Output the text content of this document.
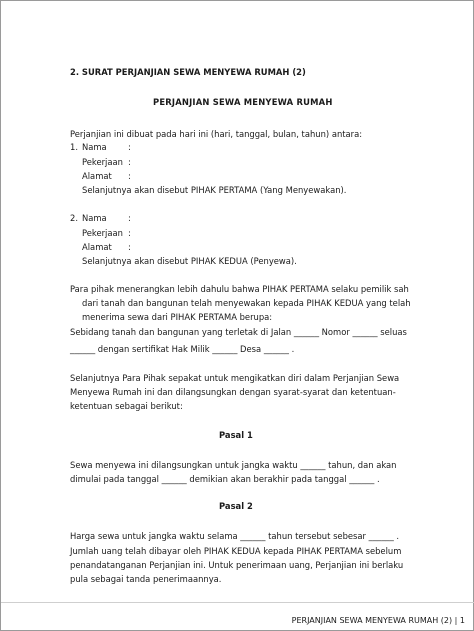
2. SURAT PERJANJIAN SEWA MENYEWA RUMAH (2)
PERJANJIAN SEWA MENYEWA RUMAH
Perjanjian ini dibuat pada hari ini (hari, tanggal, bulan, tahun) antara:
1. Nama	:
Pekerjaan :
Alamat :
Selanjutnya akan disebut PIHAK PERTAMA (Yang Menyewakan).
2. Nama	:
Pekerjaan :
Alamat :
Selanjutnya akan disebut PIHAK KEDUA (Penyewa).
Para pihak menerangkan lebih dahulu bahwa PIHAK PERTAMA selaku pemilik sah
dari tanah dan bangunan telah menyewakan kepada PIHAK KEDUA yang telah
menerima sewa dari PIHAK PERTAMA berupa:
Sebidang tanah dan bangunan yang terletak di Jalan ______ Nomor ______ seluas
______ dengan sertifikat Hak Milik ______ Desa ______ .
Selanjutnya Para Pihak sepakat untuk mengikatkan diri dalam Perjanjian Sewa
Menyewa Rumah ini dan dilangsungkan dengan syarat-syarat dan ketentuan-
ketentuan sebagai berikut:
Pasal 1
Sewa menyewa ini dilangsungkan untuk jangka waktu ______ tahun, dan akan
dimulai pada tanggal ______ demikian akan berakhir pada tanggal ______ .
Pasal 2
Harga sewa untuk jangka waktu selama ______ tahun tersebut sebesar ______ .
Jumlah uang telah dibayar oleh PIHAK KEDUA kepada PIHAK PERTAMA sebelum
penandatanganan Perjanjian ini. Untuk penerimaan uang, Perjanjian ini berlaku
pula sebagai tanda penerimaannya.
PERJANJIAN SEWA MENYEWA RUMAH (2) | 1
